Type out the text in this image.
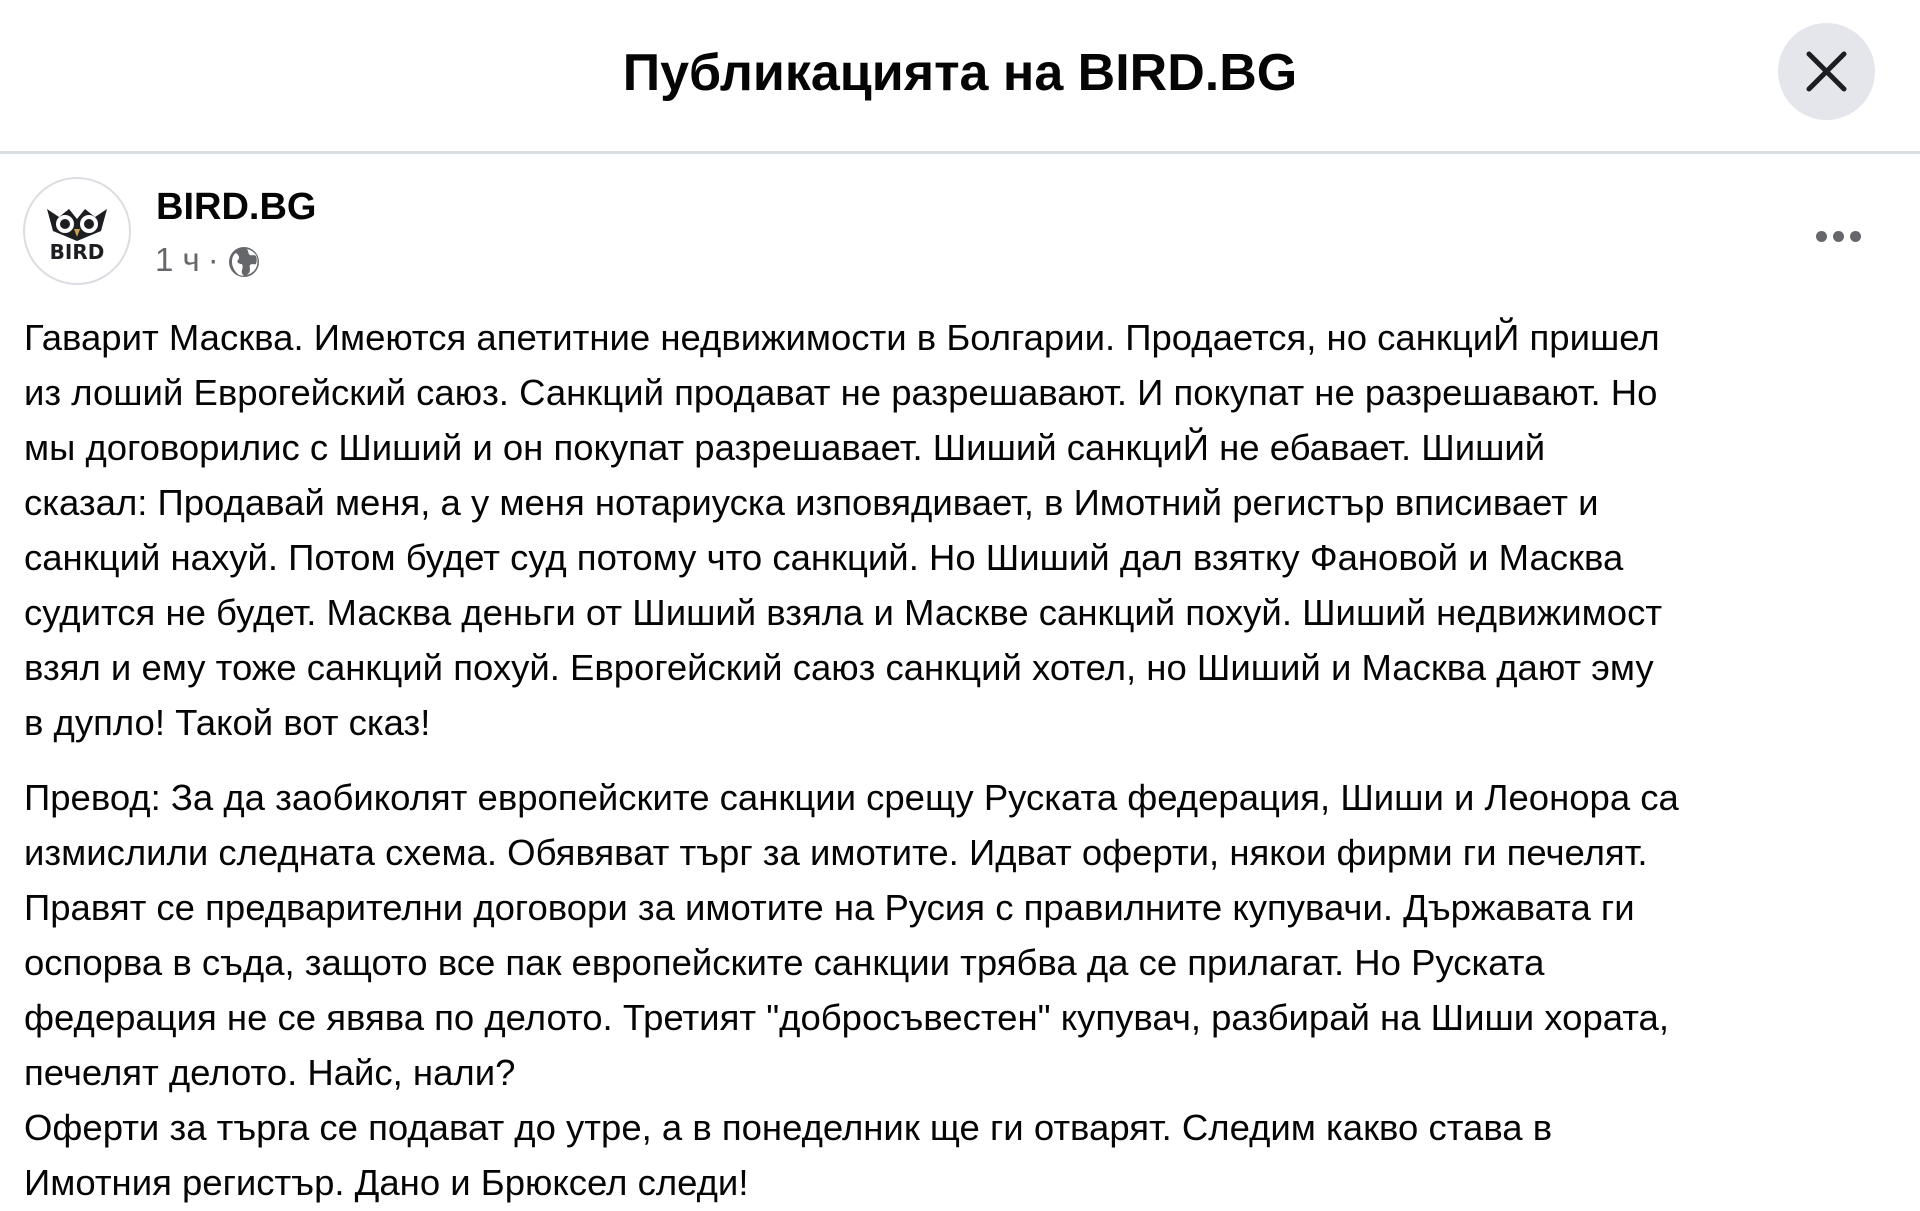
Публикацията на BIRD.BG
BIRD
BIRD.BG
1 ч ·
Гаварит Масква. Имеются апетитние недвижимости в Болгарии. Продается, но санкциЙ пришел
из лоший Еврогейский саюз. Санкций продават не разрешавают. И покупат не разрешавают. Но
мы договорилис с Шиший и он покупат разрешавает. Шиший санкциЙ не ебавает. Шиший
сказал: Продавай меня, а у меня нотариуска изповядивает, в Имотний регистър вписивает и
санкций нахуй. Потом будет суд потому что санкций. Но Шиший дал взятку Фановой и Масква
судится не будет. Масква деньги от Шиший взяла и Маскве санкций похуй. Шиший недвижимост
взял и ему тоже санкций похуй. Еврогейский саюз санкций хотел, но Шиший и Масква дают эму
в дупло! Такой вот сказ!
Превод: За да заобиколят европейските санкции срещу Руската федерация, Шиши и Леонора са
измислили следната схема. Обявяват търг за имотите. Идват оферти, някои фирми ги печелят.
Правят се предварителни договори за имотите на Русия с правилните купувачи. Държавата ги
оспорва в съда, защото все пак европейските санкции трябва да се прилагат. Но Руската
федерация не се явява по делото. Третият "добросъвестен" купувач, разбирай на Шиши хората,
печелят делото. Найс, нали?
Оферти за търга се подават до утре, а в понеделник ще ги отварят. Следим какво става в
Имотния регистър. Дано и Брюксел следи!
